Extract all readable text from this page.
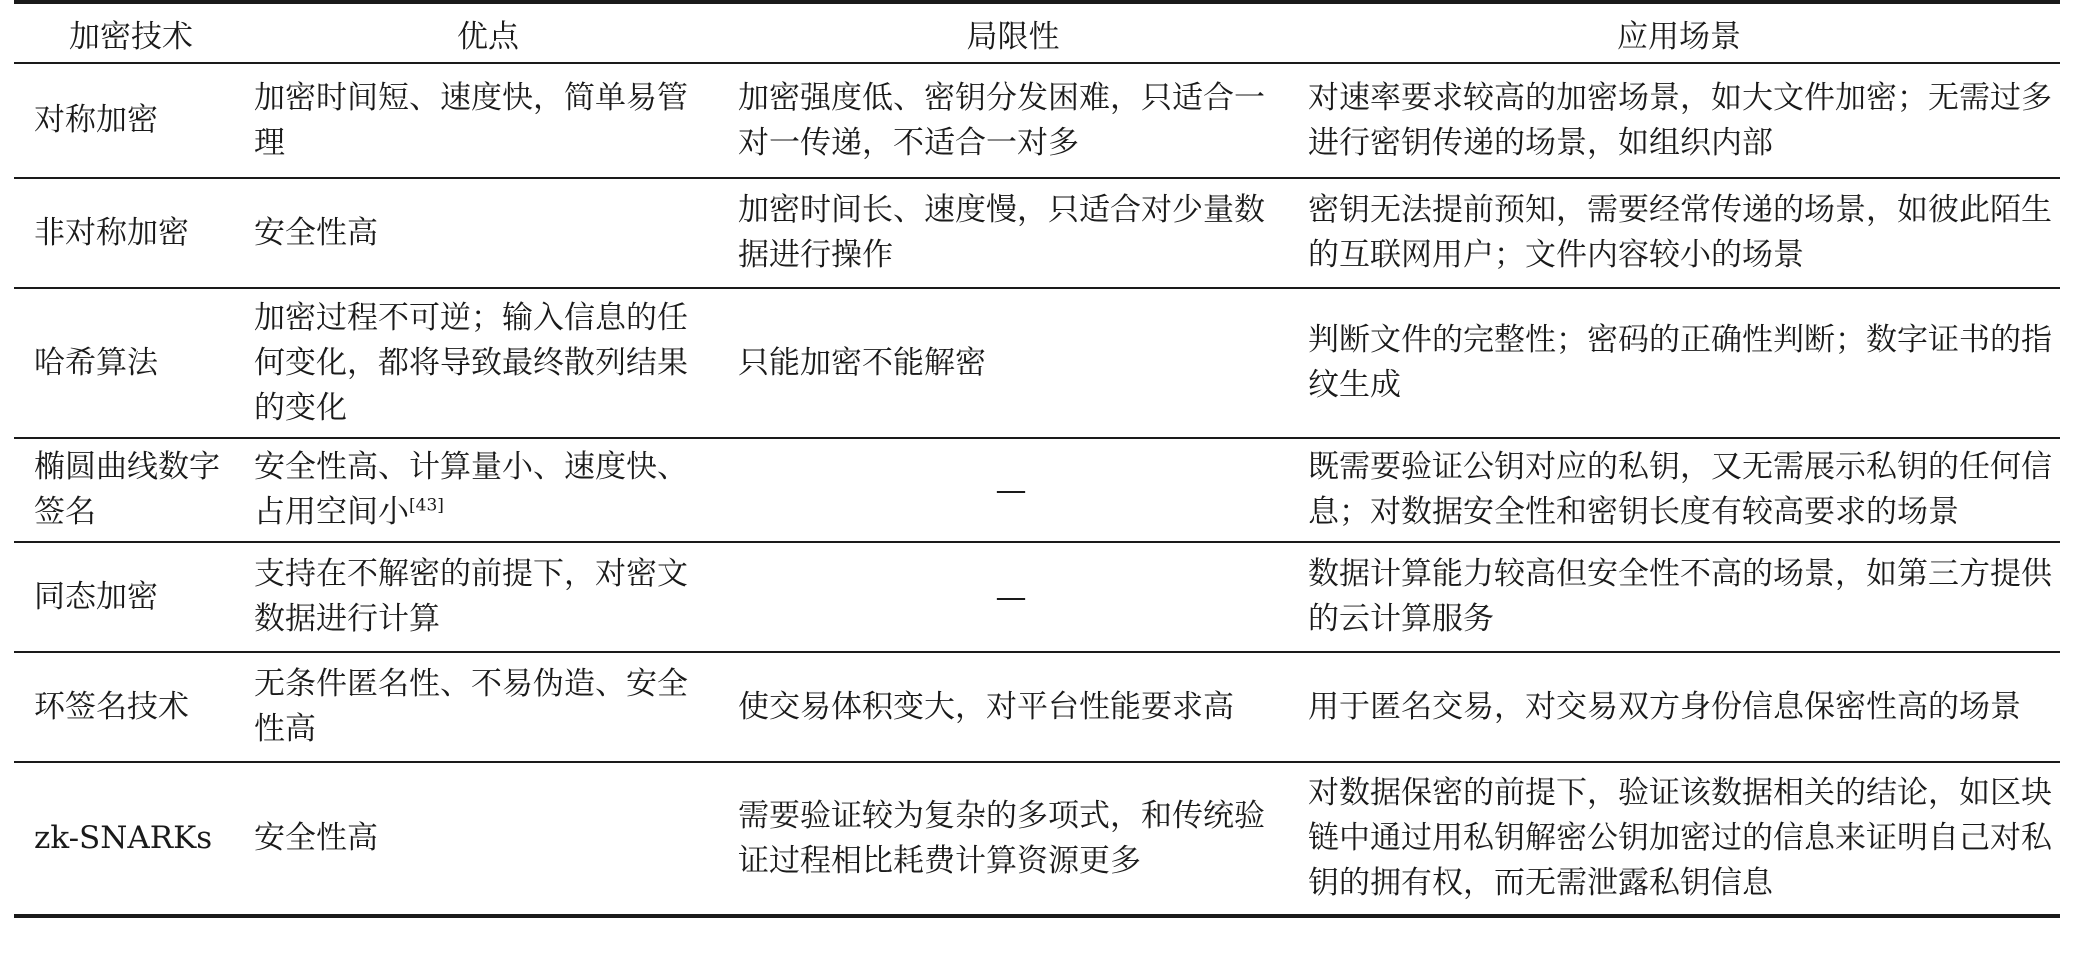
加密技术	优点	局限性	应用场景
对称加密	加密时间短、速度快，简单易管理	加密强度低、密钥分发困难，只适合一对一传递，不适合一对多	对速率要求较高的加密场景，如大文件加密；无需过多进行密钥传递的场景，如组织内部
非对称加密	安全性高	加密时间长、速度慢，只适合对少量数据进行操作	密钥无法提前预知，需要经常传递的场景，如彼此陌生的互联网用户；文件内容较小的场景
哈希算法	加密过程不可逆；输入信息的任何变化，都将导致最终散列结果的变化	只能加密不能解密	判断文件的完整性；密码的正确性判断；数字证书的指纹生成
椭圆曲线数字签名	安全性高、计算量小、速度快、占用空间小[43]	—	既需要验证公钥对应的私钥，又无需展示私钥的任何信息；对数据安全性和密钥长度有较高要求的场景
同态加密	支持在不解密的前提下，对密文数据进行计算	—	数据计算能力较高但安全性不高的场景，如第三方提供的云计算服务
环签名技术	无条件匿名性、不易伪造、安全性高	使交易体积变大，对平台性能要求高	用于匿名交易，对交易双方身份信息保密性高的场景
zk-SNARKs	安全性高	需要验证较为复杂的多项式，和传统验证过程相比耗费计算资源更多	对数据保密的前提下，验证该数据相关的结论，如区块链中通过用私钥解密公钥加密过的信息来证明自己对私钥的拥有权，而无需泄露私钥信息
